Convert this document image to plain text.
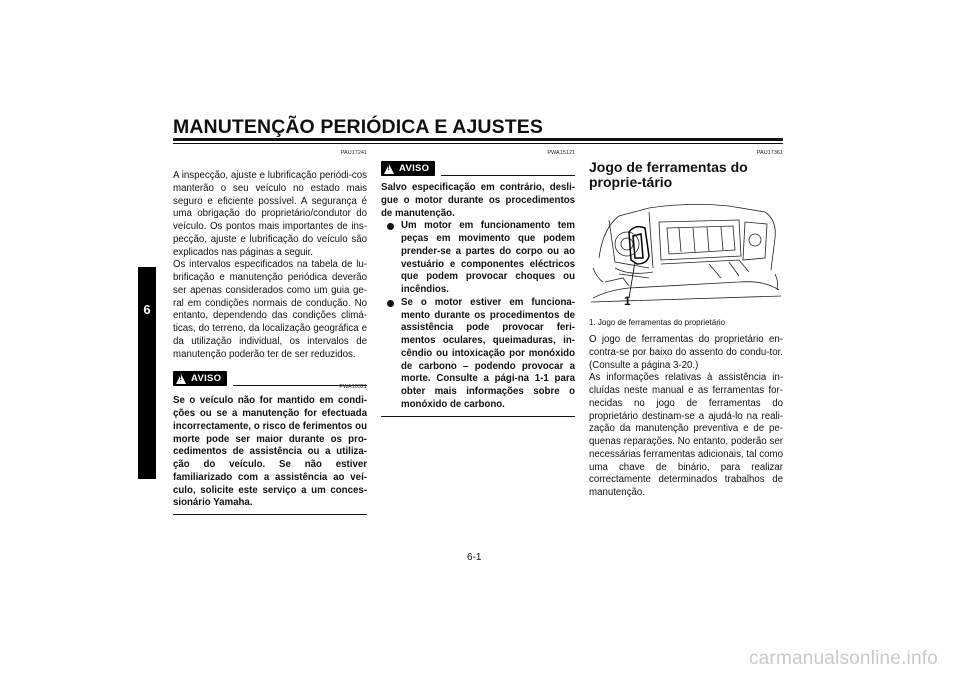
MANUTENÇÃO PERIÓDICA E AJUSTES
6
PAU17241
A inspecção, ajuste e lubrificação periódi-cos manterão o seu veículo no estado mais seguro e eficiente possível. A segurança é uma obrigação do proprietário/condutor do veículo. Os pontos mais importantes de ins-pecção, ajuste e lubrificação do veículo são explicados nas páginas a seguir.
Os intervalos especificados na tabela de lu-brificação e manutenção periódica deverão ser apenas considerados como um guia ge-ral em condições normais de condução. No entanto, dependendo das condições climá-ticas, do terreno, da localização geográfica e da utilização individual, os intervalos de manutenção poderão ter de ser reduzidos.
! AVISO
PWA10321
Se o veículo não for mantido em condi-ções ou se a manutenção for efectuada incorrectamente, o risco de ferimentos ou morte pode ser maior durante os pro-cedimentos de assistência ou a utiliza-ção do veículo. Se não estiver familiarizado com a assistência ao veí-culo, solicite este serviço a um conces-sionário Yamaha.
PWA15121
! AVISO
Salvo especificação em contrário, desli-gue o motor durante os procedimentos de manutenção.
Um motor em funcionamento tem peças em movimento que podem prender-se a partes do corpo ou ao vestuário e componentes eléctricos que podem provocar choques ou incêndios.
Se o motor estiver em funciona-mento durante os procedimentos de assistência pode provocar feri-mentos oculares, queimaduras, in-cêndio ou intoxicação por monóxido de carbono – podendo provocar a morte. Consulte a pági-na 1-1 para obter mais informações sobre o monóxido de carbono.
PAU17361
Jogo de ferramentas do proprie-tário
1
1. Jogo de ferramentas do proprietário
O jogo de ferramentas do proprietário en-contra-se por baixo do assento do condu-tor. (Consulte a página 3-20.)
As informações relativas à assistência in-cluídas neste manual e as ferramentas for-necidas no jogo de ferramentas do proprietário destinam-se a ajudá-lo na reali-zação da manutenção preventiva e de pe-quenas reparações. No entanto, poderão ser necessárias ferramentas adicionais, tal como uma chave de binário, para realizar correctamente determinados trabalhos de manutenção.
6-1
carmanualsonline.info
